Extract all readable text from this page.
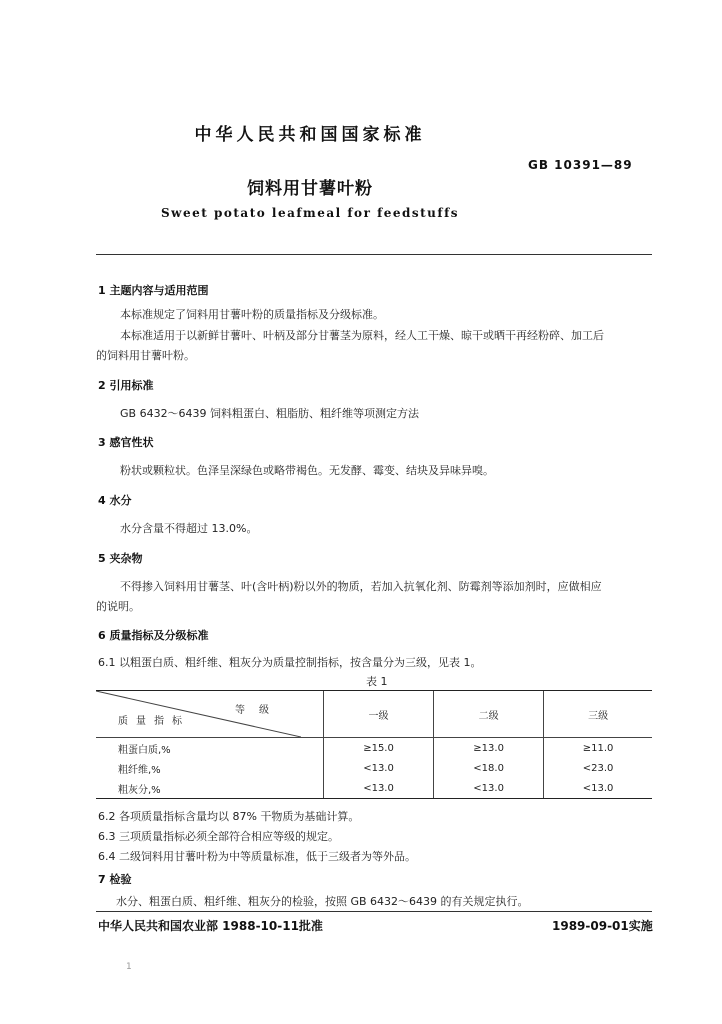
中华人民共和国国家标准
GB 10391—89
饲料用甘薯叶粉
Sweet potato leafmeal for feedstuffs
1 主题内容与适用范围
本标准规定了饲料用甘薯叶粉的质量指标及分级标准。
本标准适用于以新鲜甘薯叶、叶柄及部分甘薯茎为原料，经人工干燥、晾干或晒干再经粉碎、加工后
的饲料用甘薯叶粉。
2 引用标准
GB 6432～6439 饲料粗蛋白、粗脂肪、粗纤维等项测定方法
3 感官性状
粉状或颗粒状。色泽呈深绿色或略带褐色。无发酵、霉变、结块及异味异嗅。
4 水分
水分含量不得超过 13.0%。
5 夹杂物
不得掺入饲料用甘薯茎、叶(含叶柄)粉以外的物质，若加入抗氧化剂、防霉剂等添加剂时，应做相应
的说明。
6 质量指标及分级标准
6.1 以粗蛋白质、粗纤维、粗灰分为质量控制指标，按含量分为三级，见表 1。
表 1
等级
质量指标	一级	二级	三级
粗蛋白质,%	≥15.0	≥13.0	≥11.0
粗纤维,%	<13.0	<18.0	<23.0
粗灰分,%	<13.0	<13.0	<13.0
6.2 各项质量指标含量均以 87% 干物质为基础计算。
6.3 三项质量指标必须全部符合相应等级的规定。
6.4 二级饲料用甘薯叶粉为中等质量标准，低于三级者为等外品。
7 检验
水分、粗蛋白质、粗纤维、粗灰分的检验，按照 GB 6432～6439 的有关规定执行。
中华人民共和国农业部 1988-10-11批准	1989-09-01实施
1
